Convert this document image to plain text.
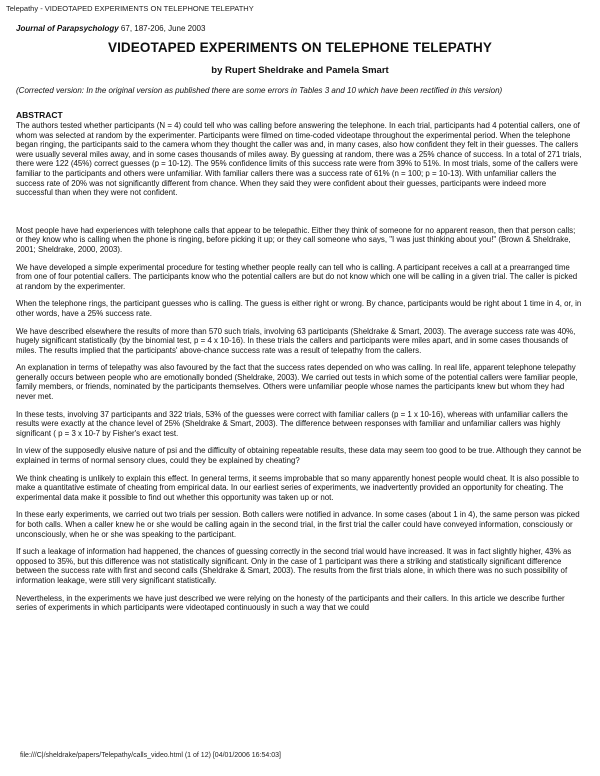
Telepathy - VIDEOTAPED EXPERIMENTS ON TELEPHONE TELEPATHY
Journal of Parapsychology 67, 187-206, June 2003
VIDEOTAPED EXPERIMENTS ON TELEPHONE TELEPATHY
by Rupert Sheldrake and Pamela Smart
(Corrected version: In the original version as published there are some errors in Tables 3 and 10 which have been rectified in this version)
ABSTRACT

The authors tested whether participants (N = 4) could tell who was calling before answering the telephone. In each trial, participants had 4 potential callers, one of whom was selected at random by the experimenter. Participants were filmed on time-coded videotape throughout the experimental period. When the telephone began ringing, the participants said to the camera whom they thought the caller was and, in many cases, also how confident they felt in their guesses. The callers were usually several miles away, and in some cases thousands of miles away. By guessing at random, there was a 25% chance of success. In a total of 271 trials, there were 122 (45%) correct guesses (p = 10-12). The 95% confidence limits of this success rate were from 39% to 51%. In most trials, some of the callers were familiar to the participants and others were unfamiliar. With familiar callers there was a success rate of 61% (n = 100; p = 10-13). With unfamiliar callers the success rate of 20% was not significantly different from chance. When they said they were confident about their guesses, participants were indeed more successful than when they were not confident.

Most people have had experiences with telephone calls that appear to be telepathic. Either they think of someone for no apparent reason, then that person calls; or they know who is calling when the phone is ringing, before picking it up; or they call someone who says, "I was just thinking about you!" (Brown & Sheldrake, 2001; Sheldrake, 2000, 2003).

We have developed a simple experimental procedure for testing whether people really can tell who is calling. A participant receives a call at a prearranged time from one of four potential callers. The participants know who the potential callers are but do not know which one will be calling in a given trial. The caller is picked at random by the experimenter.

When the telephone rings, the participant guesses who is calling. The guess is either right or wrong. By chance, participants would be right about 1 time in 4, or, in other words, have a 25% success rate.

We have described elsewhere the results of more than 570 such trials, involving 63 participants (Sheldrake & Smart, 2003). The average success rate was 40%, hugely significant statistically (by the binomial test, p = 4 x 10-16). In these trials the callers and participants were miles apart, and in some cases thousands of miles. The results implied that the participants' above-chance success rate was a result of telepathy from the callers.

An explanation in terms of telepathy was also favoured by the fact that the success rates depended on who was calling. In real life, apparent telephone telepathy generally occurs between people who are emotionally bonded (Sheldrake, 2003). We carried out tests in which some of the potential callers were familiar people, family members, or friends, nominated by the participants themselves. Others were unfamiliar people whose names the participants knew but whom they had never met.

In these tests, involving 37 participants and 322 trials, 53% of the guesses were correct with familiar callers (p = 1 x 10-16), whereas with unfamiliar callers the results were exactly at the chance level of 25% (Sheldrake & Smart, 2003). The difference between responses with familiar and unfamiliar callers was highly significant ( p = 3 x 10-7 by Fisher's exact test.

In view of the supposedly elusive nature of psi and the difficulty of obtaining repeatable results, these data may seem too good to be true. Although they cannot be explained in terms of normal sensory clues, could they be explained by cheating?

We think cheating is unlikely to explain this effect. In general terms, it seems improbable that so many apparently honest people would cheat. It is also possible to make a quantitative estimate of cheating from empirical data. In our earliest series of experiments, we inadvertently provided an opportunity for cheating. The experimental data make it possible to find out whether this opportunity was taken up or not.

In these early experiments, we carried out two trials per session. Both callers were notified in advance. In some cases (about 1 in 4), the same person was picked for both calls. When a caller knew he or she would be calling again in the second trial, in the first trial the caller could have conveyed information, consciously or unconsciously, when he or she was speaking to the participant.

If such a leakage of information had happened, the chances of guessing correctly in the second trial would have increased. It was in fact slightly higher, 43% as opposed to 35%, but this difference was not statistically significant. Only in the case of 1 participant was there a striking and statistically significant difference between the success rate with first and second calls (Sheldrake & Smart, 2003). The results from the first trials alone, in which there was no such possibility of information leakage, were still very significant statistically.

Nevertheless, in the experiments we have just described we were relying on the honesty of the participants and their callers. In this article we describe further series of experiments in which participants were videotaped continuously in such a way that we could

file:///C|/sheldrake/papers/Telepathy/calls_video.html (1 of 12) [04/01/2006 16:54:03]
